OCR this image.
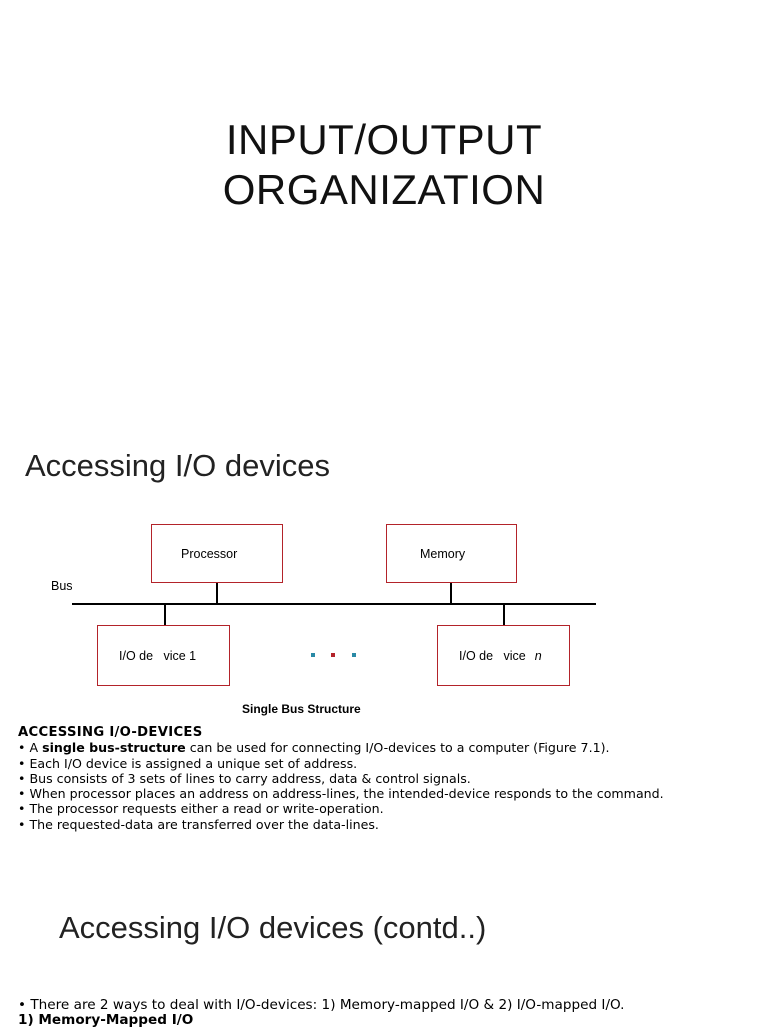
INPUT/OUTPUT
ORGANIZATION
Accessing I/O devices
Processor	Memory
Bus
I/O de   vice 1	I/O de   vice n
Single Bus Structure
ACCESSING I/O-DEVICES
• A single bus-structure can be used for connecting I/O-devices to a computer (Figure 7.1).
• Each I/O device is assigned a unique set of address.
• Bus consists of 3 sets of lines to carry address, data & control signals.
• When processor places an address on address-lines, the intended-device responds to the command.
• The processor requests either a read or write-operation.
• The requested-data are transferred over the data-lines.
Accessing I/O devices (contd..)
• There are 2 ways to deal with I/O-devices: 1) Memory-mapped I/O & 2) I/O-mapped I/O.
1) Memory-Mapped I/O
